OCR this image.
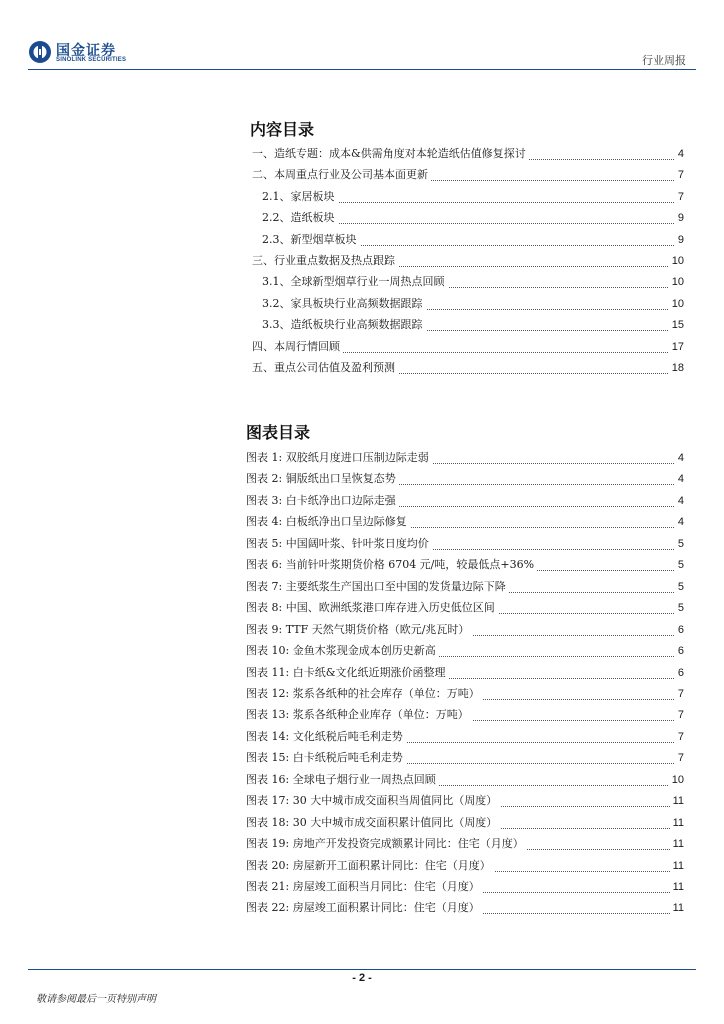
国金证券
SINOLINK SECURITIES	行业周报
内容目录
一、造纸专题：成本&供需角度对本轮造纸估值修复探讨	4
二、本周重点行业及公司基本面更新	7
2.1、家居板块	7
2.2、造纸板块	9
2.3、新型烟草板块	9
三、行业重点数据及热点跟踪	10
3.1、全球新型烟草行业一周热点回顾	10
3.2、家具板块行业高频数据跟踪	10
3.3、造纸板块行业高频数据跟踪	15
四、本周行情回顾	17
五、重点公司估值及盈利预测	18
图表目录
图表 1: 双胶纸月度进口压制边际走弱	4
图表 2: 铜版纸出口呈恢复态势	4
图表 3: 白卡纸净出口边际走强	4
图表 4: 白板纸净出口呈边际修复	4
图表 5: 中国阔叶浆、针叶浆日度均价	5
图表 6: 当前针叶浆期货价格 6704 元/吨，较最低点+36%	5
图表 7: 主要纸浆生产国出口至中国的发货量边际下降	5
图表 8: 中国、欧洲纸浆港口库存进入历史低位区间	5
图表 9: TTF 天然气期货价格（欧元/兆瓦时）	6
图表 10: 金鱼木浆现金成本创历史新高	6
图表 11: 白卡纸&文化纸近期涨价函整理	6
图表 12: 浆系各纸种的社会库存（单位：万吨）	7
图表 13: 浆系各纸种企业库存（单位：万吨）	7
图表 14: 文化纸税后吨毛利走势	7
图表 15: 白卡纸税后吨毛利走势	7
图表 16: 全球电子烟行业一周热点回顾	10
图表 17: 30 大中城市成交面积当周值同比（周度）	11
图表 18: 30 大中城市成交面积累计值同比（周度）	11
图表 19: 房地产开发投资完成额累计同比：住宅（月度）	11
图表 20: 房屋新开工面积累计同比：住宅（月度）	11
图表 21: 房屋竣工面积当月同比：住宅（月度）	11
图表 22: 房屋竣工面积累计同比：住宅（月度）	11
- 2 -
敬请参阅最后一页特别声明
